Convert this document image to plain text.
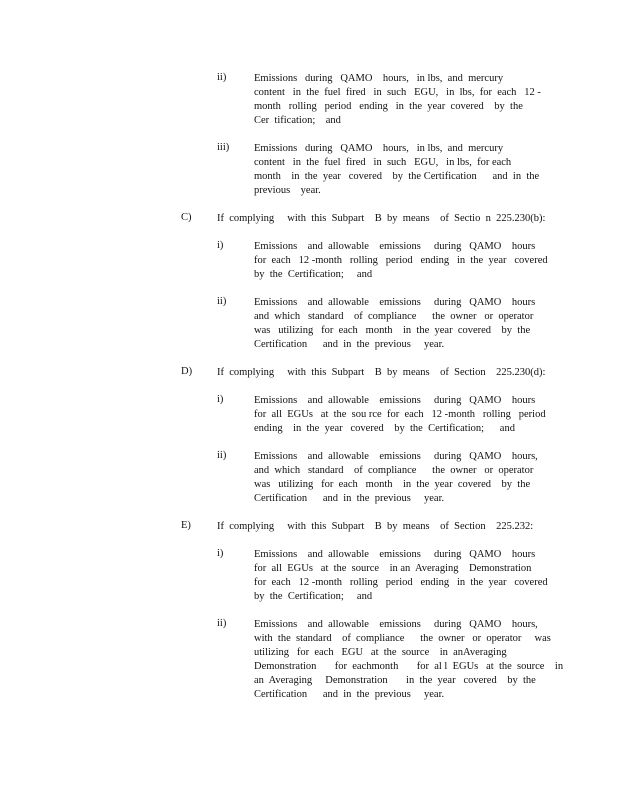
ii)	Emissions   during   QAMO    hours,   in lbs,  and  mercury
content   in  the  fuel  fired   in  such   EGU,   in  lbs,  for  each   12 -
month   rolling   period   ending   in  the  year  covered    by  the
Cer  tification;    and
iii) Emissions   during   QAMO    hours,   in lbs,  and  mercury
content   in  the  fuel  fired   in  such   EGU,   in lbs,  for each
month    in  the  year   covered    by  the Certification      and  in  the
previous    year.
C) If  complying     with  this  Subpart    B  by  means    of  Sectio  n  225.230(b):
i)	Emissions    and  allowable    emissions     during   QAMO    hours
for  each   12 -month   rolling   period   ending   in  the  year   covered
by  the  Certification;     and
ii)	Emissions    and  allowable    emissions     during   QAMO    hours
and  which   standard    of  compliance      the  owner   or  operator
was   utilizing   for  each   month    in  the  year  covered    by  the
Certification      and  in  the  previous     year.
D) If  complying     with  this  Subpart    B  by  means    of  Section    225.230(d):
i)	Emissions    and  allowable    emissions     during   QAMO    hours
for  all  EGUs   at  the  sou rce  for  each   12 -month   rolling   period
ending    in  the  year   covered    by  the  Certification;      and
ii)	Emissions    and  allowable    emissions     during   QAMO    hours,
and  which   standard    of  compliance      the  owner   or  operator
was   utilizing   for  each   month    in  the  year  covered    by  the
Certification      and  in  the  previous     year.
E) If  complying     with  this  Subpart    B  by  means    of  Section    225.232:
i)	Emissions    and  allowable    emissions     during   QAMO    hours
for  all  EGUs   at  the  source    in an  Averaging    Demonstration
for  each   12 -month   rolling   period   ending   in  the  year   covered
by  the  Certification;     and
ii)	Emissions    and  allowable    emissions     during   QAMO    hours,
with  the  standard    of  compliance      the  owner   or  operator     was
utilizing   for  each   EGU   at  the  source    in  anAveraging
Demonstration       for  eachmonth       for  al l  EGUs   at  the  source    in
an  Averaging     Demonstration       in  the  year   covered    by  the
Certification      and  in  the  previous     year.
